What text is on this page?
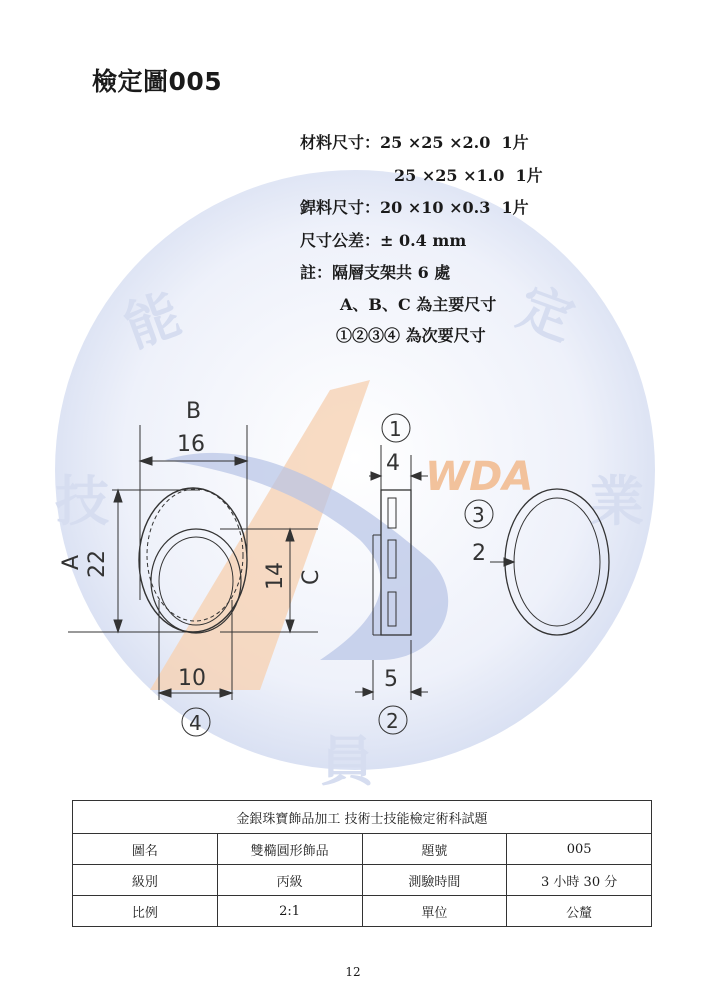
WDA
能	定
技	業
員
檢定圖005
材料尺寸：25 ×25 ×2.0  1片
25 ×25 ×1.0  1片
銲料尺寸：20 ×10 ×0.3  1片
尺寸公差：± 0.4 mm
註：隔層支架共 6 處
A、B、C 為主要尺寸
①②③④ 為次要尺寸
B
16
A 22	14 C
10
1
4
3
2
5
2
4
金銀珠寶飾品加工 技術士技能檢定術科試題			
圖名	雙橢圓形飾品	題號	005
級別	丙級	測驗時間	3 小時 30 分
比例	2:1	單位	公釐
12
